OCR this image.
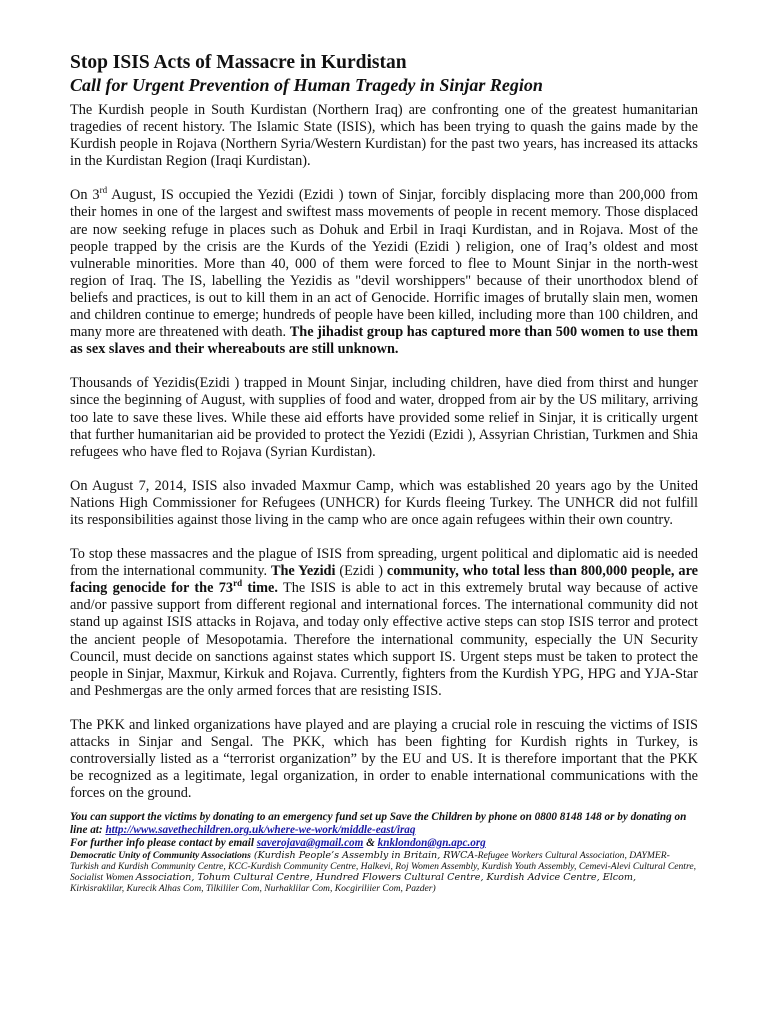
Stop ISIS Acts of Massacre in Kurdistan
Call for Urgent Prevention of Human Tragedy in Sinjar Region

The Kurdish people in South Kurdistan (Northern Iraq) are confronting one of the greatest humanitarian tragedies of recent history. The Islamic State (ISIS), which has been trying to quash the gains made by the Kurdish people in Rojava (Northern Syria/Western Kurdistan) for the past two years, has increased its attacks in the Kurdistan Region (Iraqi Kurdistan).

On 3rd August, IS occupied the Yezidi (Ezidi ) town of Sinjar, forcibly displacing more than 200,000 from their homes in one of the largest and swiftest mass movements of people in recent memory. Those displaced are now seeking refuge in places such as Dohuk and Erbil in Iraqi Kurdistan, and in Rojava. Most of the people trapped by the crisis are the Kurds of the Yezidi (Ezidi ) religion, one of Iraq’s oldest and most vulnerable minorities. More than 40, 000 of them were forced to flee to Mount Sinjar in the north-west region of Iraq. The IS, labelling the Yezidis as "devil worshippers" because of their unorthodox blend of beliefs and practices, is out to kill them in an act of Genocide. Horrific images of brutally slain men, women and children continue to emerge; hundreds of people have been killed, including more than 100 children, and many more are threatened with death. The jihadist group has captured more than 500 women to use them as sex slaves and their whereabouts are still unknown.

Thousands of Yezidis(Ezidi ) trapped in Mount Sinjar, including children, have died from thirst and hunger since the beginning of August, with supplies of food and water, dropped from air by the US military, arriving too late to save these lives. While these aid efforts have provided some relief in Sinjar, it is critically urgent that further humanitarian aid be provided to protect the Yezidi (Ezidi ), Assyrian Christian, Turkmen and Shia refugees who have fled to Rojava (Syrian Kurdistan).

On August 7, 2014, ISIS also invaded Maxmur Camp, which was established 20 years ago by the United Nations High Commissioner for Refugees (UNHCR) for Kurds fleeing Turkey. The UNHCR did not fulfill its responsibilities against those living in the camp who are once again refugees within their own country.

To stop these massacres and the plague of ISIS from spreading, urgent political and diplomatic aid is needed from the international community. The Yezidi (Ezidi ) community, who total less than 800,000 people, are facing genocide for the 73rd time. The ISIS is able to act in this extremely brutal way because of active and/or passive support from different regional and international forces. The international community did not stand up against ISIS attacks in Rojava, and today only effective active steps can stop ISIS terror and protect the ancient people of Mesopotamia. Therefore the international community, especially the UN Security Council, must decide on sanctions against states which support IS. Urgent steps must be taken to protect the people in Sinjar, Maxmur, Kirkuk and Rojava. Currently, fighters from the Kurdish YPG, HPG and YJA-Star and Peshmergas are the only armed forces that are resisting ISIS.

The PKK and linked organizations have played and are playing a crucial role in rescuing the victims of ISIS attacks in Sinjar and Sengal. The PKK, which has been fighting for Kurdish rights in Turkey, is controversially listed as a “terrorist organization” by the EU and US. It is therefore important that the PKK be recognized as a legitimate, legal organization, in order to enable international communications with the forces on the ground.

You can support the victims by donating to an emergency fund set up Save the Children by phone on 0800 8148 148 or by donating on line at: http://www.savethechildren.org.uk/where-we-work/middle-east/iraq

For further info please contact by email saverojava@gmail.com & knklondon@gn.apc.org

Democratic Unity of Community Associations (Kurdish People’s Assembly in Britain, RWCA-Refugee Workers Cultural Association, DAYMER-Turkish and Kurdish Community Centre, KCC-Kurdish Community Centre, Halkevi, Roj Women Assembly, Kurdish Youth Assembly, Cemevi-Alevi Cultural Centre, Socialist Women Association, Tohum Cultural Centre, Hundred Flowers Cultural Centre, Kurdish Advice Centre, Elcom,
Kirkisraklilar, Kurecik Alhas Com, Tilkililer Com, Nurhaklilar Com, Kocgiriliier Com, Pazder)
